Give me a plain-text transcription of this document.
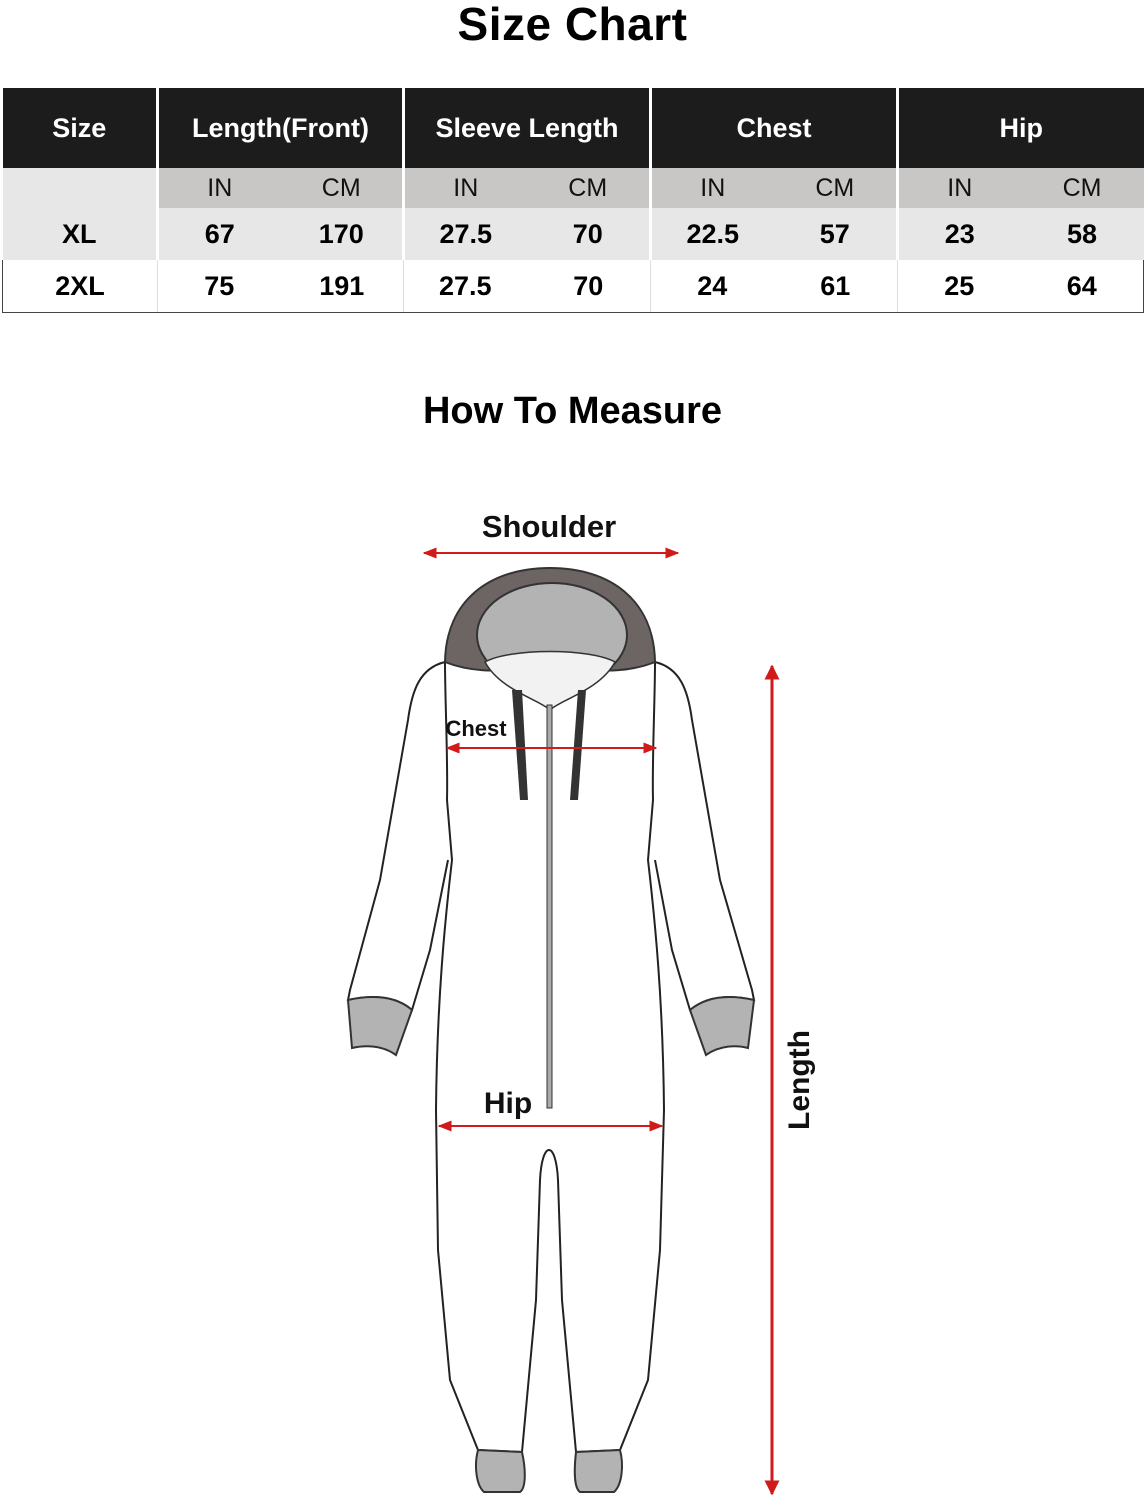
Size Chart
Size	Length(Front)		Sleeve Length		Chest		Hip	
	IN	CM	IN	CM	IN	CM	IN	CM
XL	67	170	27.5	70	22.5	57	23	58
2XL	75	191	27.5	70	24	61	25	64
How To Measure
Shoulder
Chest
Hip	Length
